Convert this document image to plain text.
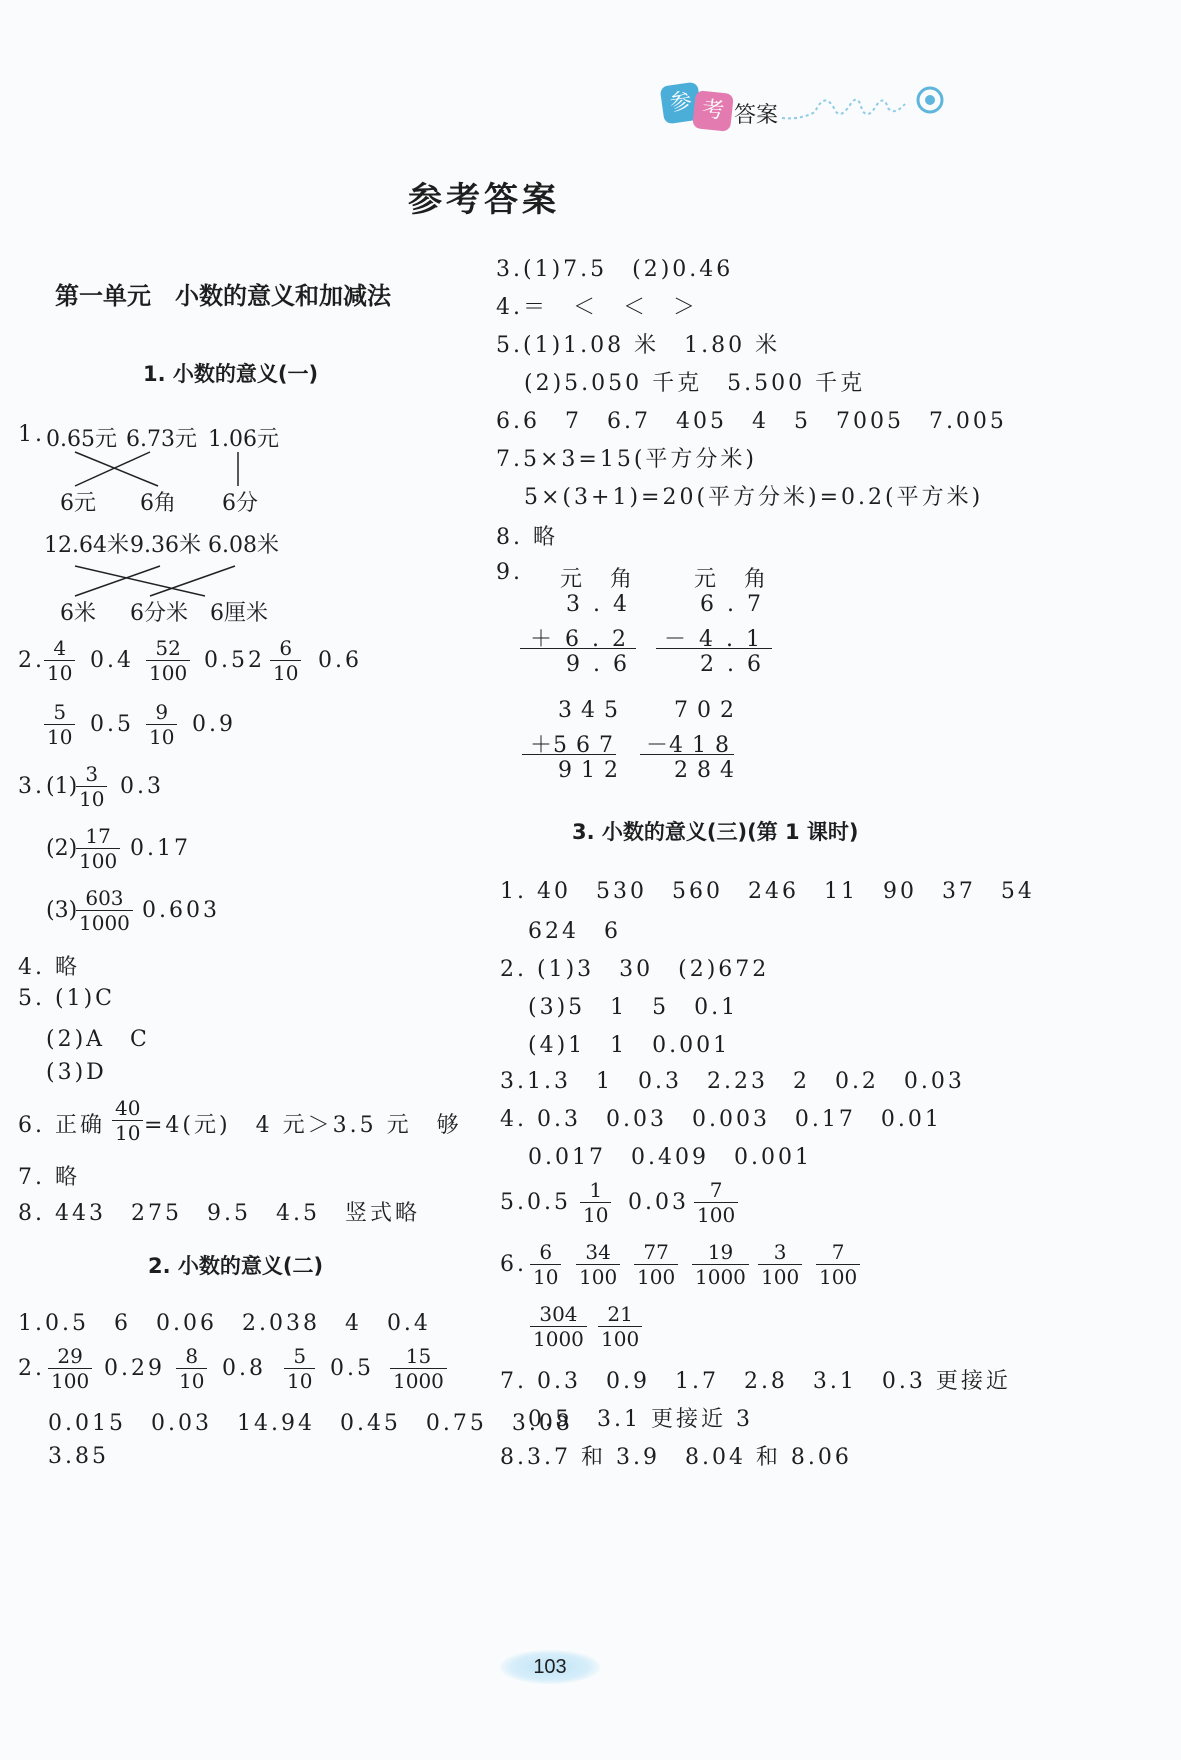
参 考 答案
参考答案
第一单元　小数的意义和加减法
1. 小数的意义(一)
1. 0.65元 6.73元 1.06元
6元 6角 6分
12.64米 9.36米 6.08米
6米 6分米 6厘米
2. $\frac{4}{10} 0.4 \frac{52}{100} 0.52 \frac{6}{10} 0.6$
$\frac{5}{10} 0.5 \frac{9}{10} 0.9$
3. (1)
$\frac{3}{10} 0.3$
(2)
$\frac{17}{100} 0.17$
(3)
$\frac{603}{1000} 0.603$
4. 略
5. (1)C
(2)A　C
(3)D
6. 正确 $\frac{40}{10} =4$(元)　4 元＞3.5 元　够
7. 略
8. 443　275　9.5　4.5　竖式略
2. 小数的意义(二)
1.0.5　6　0.06　2.038　4　0.4
2. $\frac{29}{100} 0.29 \frac{8}{10} 0.8 \frac{5}{10} 0.5 \frac{15}{1000}$
0.015　0.03　14.94　0.45　0.75　3.08
3.85
3.(1)7.5　(2)0.46
4.＝　＜　＜　＞
5.(1)1.08 米　1.80 米
(2)5.050 千克　5.500 千克
6.6　7　6.7　405　4　5　7005　7.005
7.5×3=15(平方分米)
5×(3+1)=20(平方分米)=0.2(平方米)
8. 略
9. 元　角
3 . 4
＋ 6 . 2
9 . 6
元　角
6 . 7
－ 4 . 1
2 . 6
3 4 5
＋5 6 7
9 1 2
7 0 2
－4 1 8
2 8 4
3. 小数的意义(三)(第 1 课时)
1. 40　530　560　246　11　90　37　54
624　6
2. (1)3　30　(2)672
(3)5　1　5　0.1
(4)1　1　0.001
3.1.3　1　0.3　2.23　2　0.2　0.03
4. 0.3　0.03　0.003　0.17　0.01
0.017　0.409　0.001
$5.0.5 \frac{1}{10} 0.03 \frac{7}{100}$
6. $\frac{6}{10} \frac{34}{100} \frac{77}{100} \frac{19}{1000} \frac{3}{100} \frac{7}{100}$
$\frac{304}{1000} \frac{21}{100}$
7. 0.3　0.9　1.7　2.8　3.1　0.3 更接近
0.5　3.1 更接近 3
8.3.7 和 3.9　8.04 和 8.06
103
